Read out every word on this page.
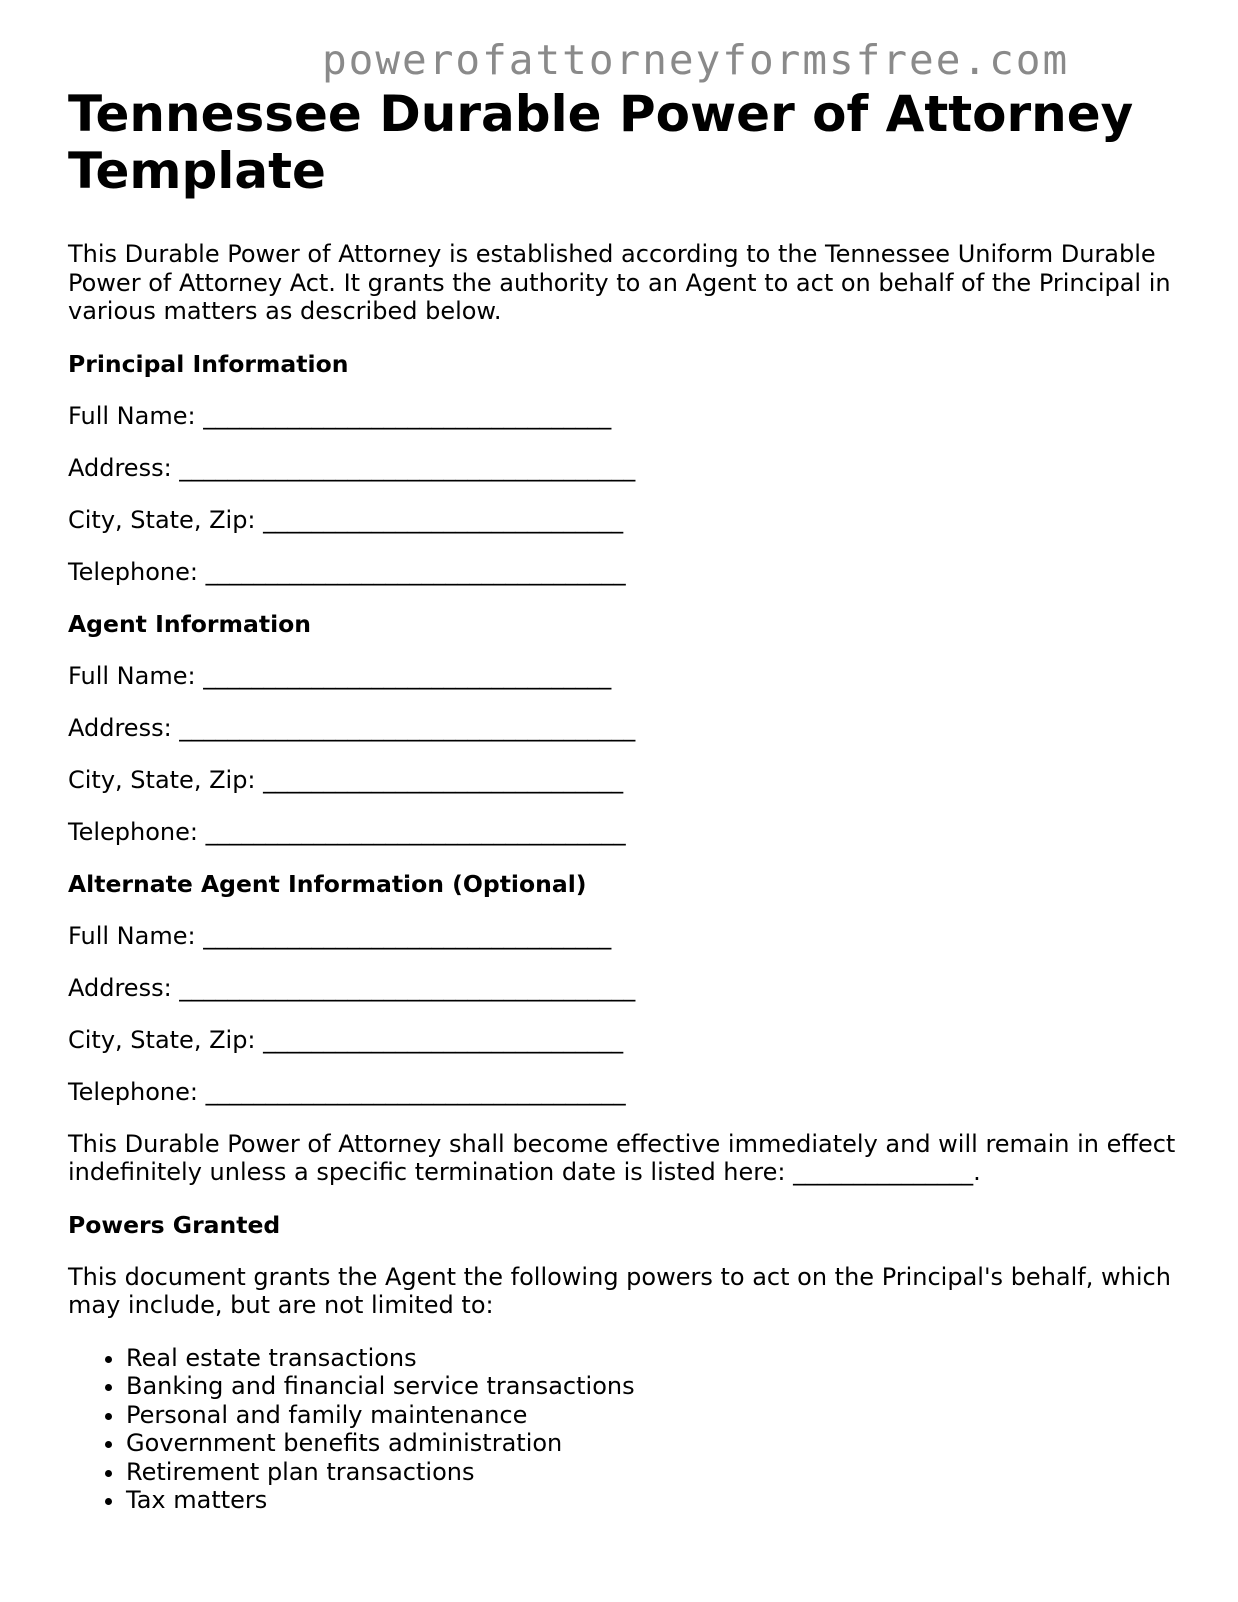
powerofattorneyformsfree.com
Tennessee Durable Power of Attorney Template

This Durable Power of Attorney is established according to the Tennessee Uniform Durable Power of Attorney Act. It grants the authority to an Agent to act on behalf of the Principal in various matters as described below.

Principal Information
Full Name: __________________________________
Address: ______________________________________
City, State, Zip: ______________________________
Telephone: ___________________________________
Agent Information
Full Name: __________________________________
Address: ______________________________________
City, State, Zip: ______________________________
Telephone: ___________________________________
Alternate Agent Information (Optional)
Full Name: __________________________________
Address: ______________________________________
City, State, Zip: ______________________________
Telephone: ___________________________________

This Durable Power of Attorney shall become effective immediately and will remain in effect indefinitely unless a specific termination date is listed here: _______________.

Powers Granted

This document grants the Agent the following powers to act on the Principal's behalf, which may include, but are not limited to:

• Real estate transactions
• Banking and financial service transactions
• Personal and family maintenance
• Government benefits administration
• Retirement plan transactions
• Tax matters
